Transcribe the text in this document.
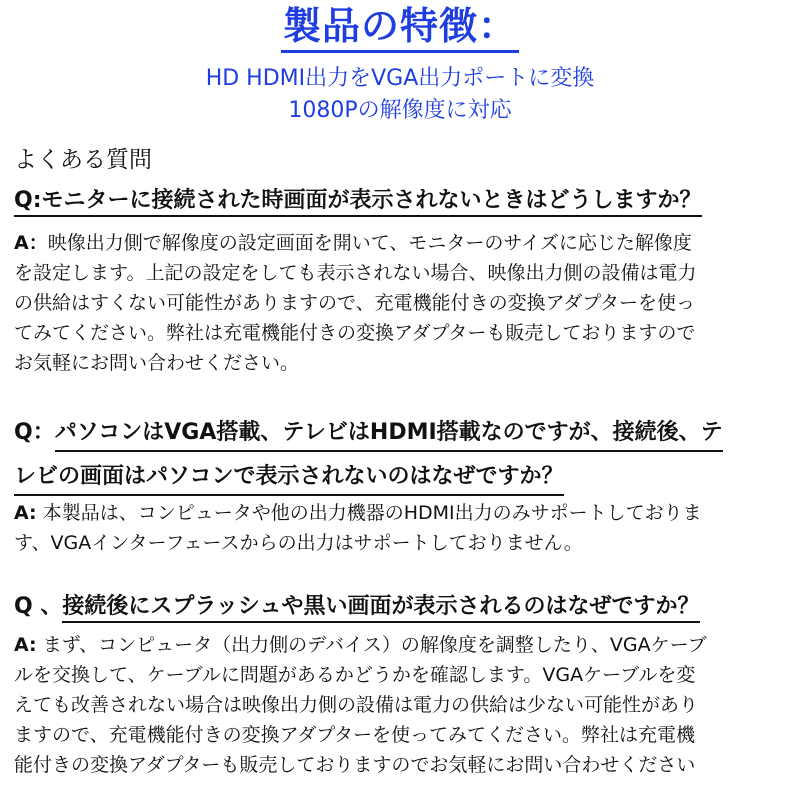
製品の特徴：
HD HDMI出力をVGA出力ポートに変換
1080Pの解像度に対応
よくある質問
Q:モニターに接続された時画面が表示されないときはどうしますか？
A：映像出力側で解像度の設定画面を開いて、モニターのサイズに応じた解像度
を設定します。上記の設定をしても表示されない場合、映像出力側の設備は電力
の供給はすくない可能性がありますので、充電機能付きの変換アダプターを使っ
てみてください。弊社は充電機能付きの変換アダプターも販売しておりますので
お気軽にお問い合わせください。
Q：パソコンはVGA搭載、テレビはHDMI搭載なのですが、接続後、テ
レビの画面はパソコンで表示されないのはなぜですか？
A: 本製品は、コンピュータや他の出力機器のHDMI出力のみサポートしておりま
す、VGAインターフェースからの出力はサポートしておりません。
Q 、接続後にスプラッシュや黒い画面が表示されるのはなぜですか？
A: まず、コンピュータ（出力側のデバイス）の解像度を調整したり、VGAケーブ
ルを交換して、ケーブルに問題があるかどうかを確認します。VGAケーブルを変
えても改善されない場合は映像出力側の設備は電力の供給は少ない可能性があり
ますので、充電機能付きの変換アダプターを使ってみてください。弊社は充電機
能付きの変換アダプターも販売しておりますのでお気軽にお問い合わせください
